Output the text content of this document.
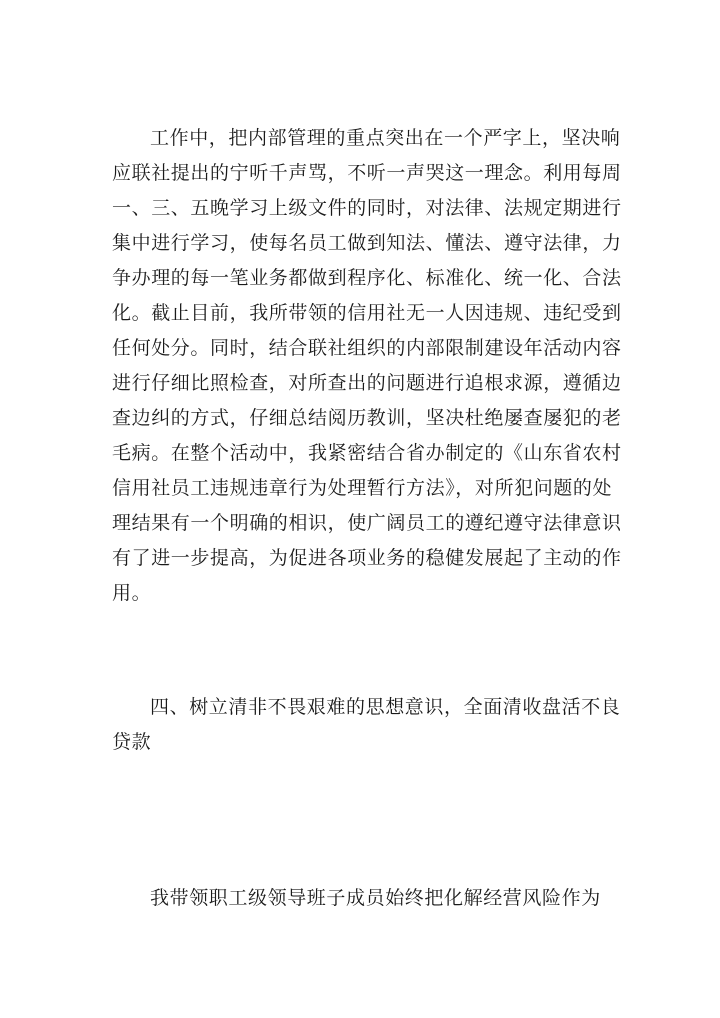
工作中，把内部管理的重点突出在一个严字上，坚决响
应联社提出的宁听千声骂，不听一声哭这一理念。利用每周
一、三、五晚学习上级文件的同时，对法律、法规定期进行
集中进行学习，使每名员工做到知法、懂法、遵守法律，力
争办理的每一笔业务都做到程序化、标准化、统一化、合法
化。截止目前，我所带领的信用社无一人因违规、违纪受到
任何处分。同时，结合联社组织的内部限制建设年活动内容
进行仔细比照检查，对所查出的问题进行追根求源，遵循边
查边纠的方式，仔细总结阅历教训，坚决杜绝屡查屡犯的老
毛病。在整个活动中，我紧密结合省办制定的《山东省农村
信用社员工违规违章行为处理暂行方法》，对所犯问题的处
理结果有一个明确的相识，使广阔员工的遵纪遵守法律意识
有了进一步提高，为促进各项业务的稳健发展起了主动的作
用。
四、树立清非不畏艰难的思想意识，全面清收盘活不良
贷款
我带领职工级领导班子成员始终把化解经营风险作为
